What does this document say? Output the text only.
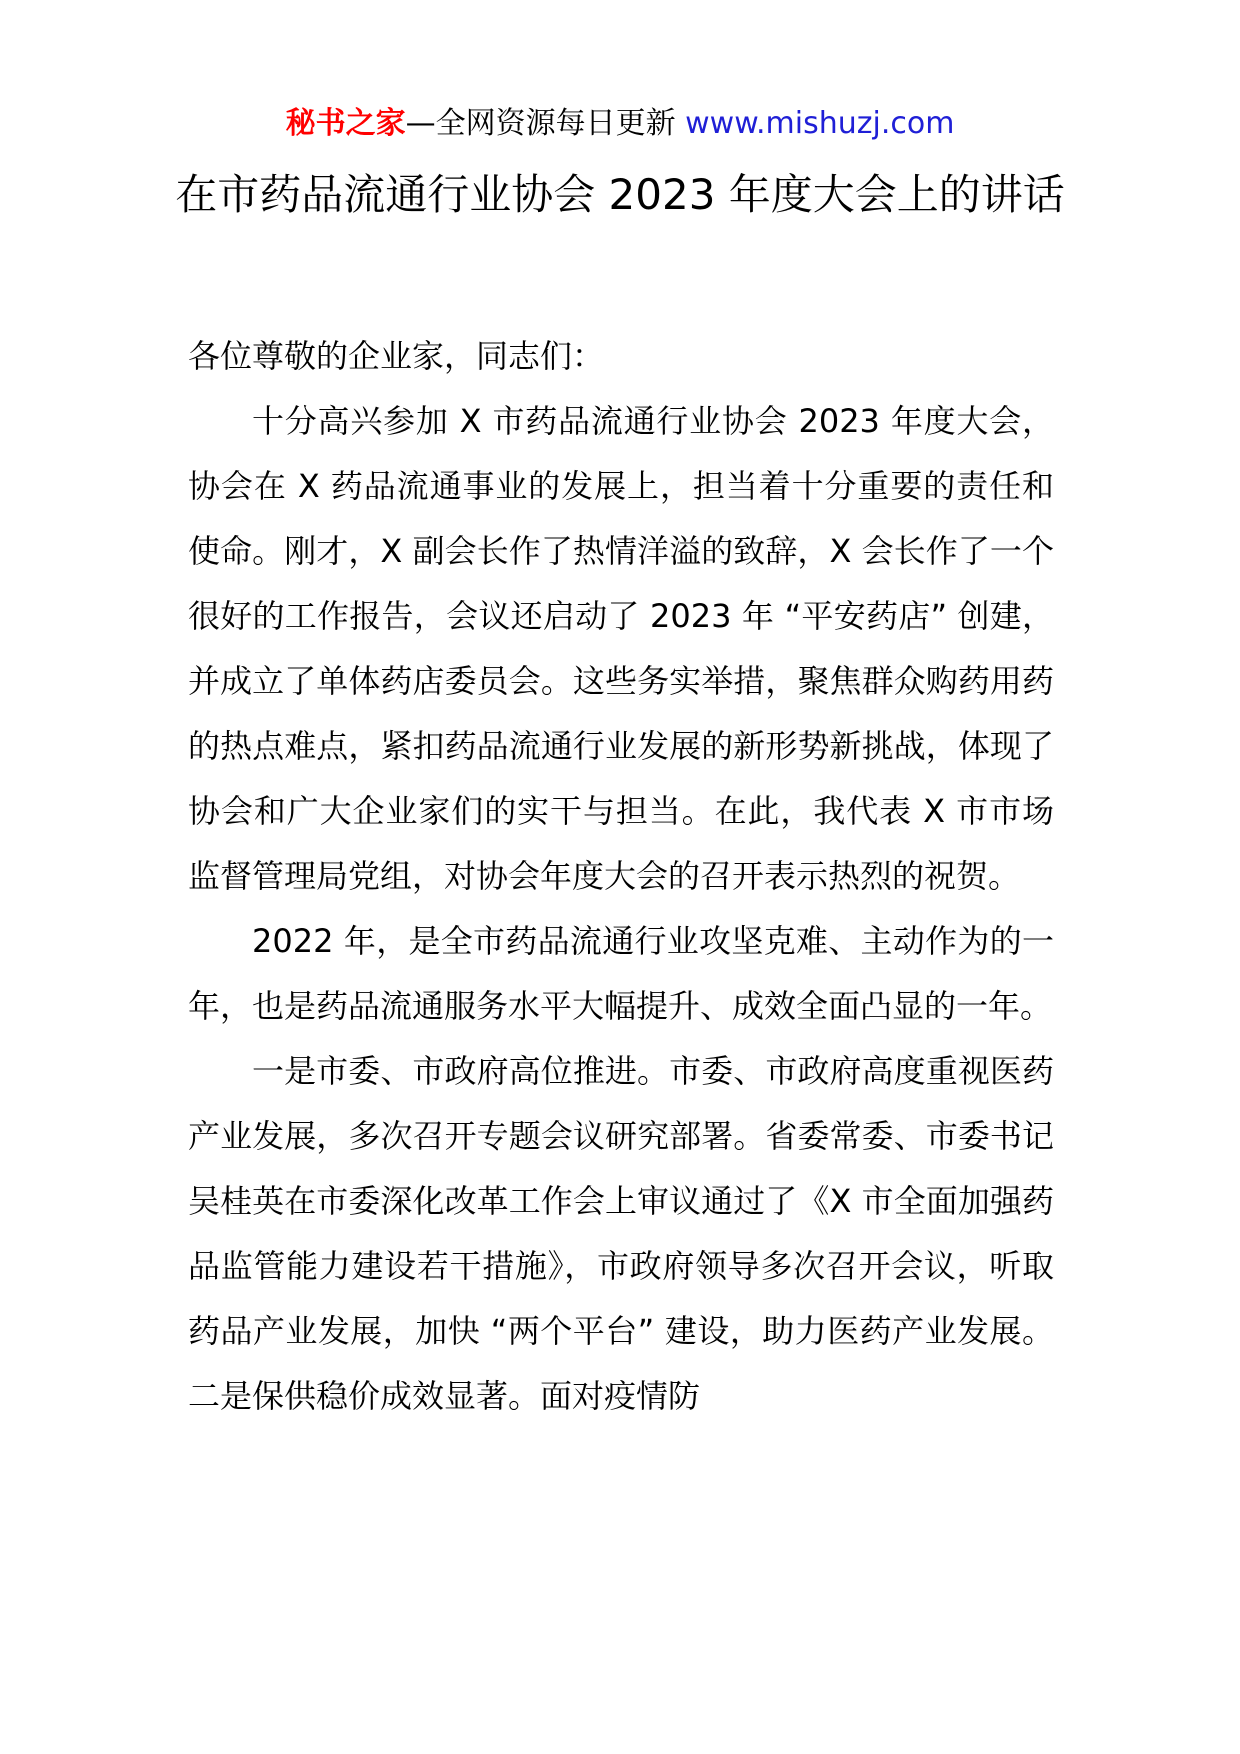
秘书之家—全网资源每日更新 www.mishuzj.com
在市药品流通行业协会 2023 年度大会上的讲话

各位尊敬的企业家，同志们：

十分高兴参加 X 市药品流通行业协会 2023 年度大会，协会在 X 药品流通事业的发展上，担当着十分重要的责任和使命。刚才，X 副会长作了热情洋溢的致辞，X 会长作了一个很好的工作报告，会议还启动了 2023 年 “平安药店” 创建，并成立了单体药店委员会。这些务实举措，聚焦群众购药用药的热点难点，紧扣药品流通行业发展的新形势新挑战，体现了协会和广大企业家们的实干与担当。在此，我代表 X 市市场监督管理局党组，对协会年度大会的召开表示热烈的祝贺。

2022 年，是全市药品流通行业攻坚克难、主动作为的一年，也是药品流通服务水平大幅提升、成效全面凸显的一年。

一是市委、市政府高位推进。市委、市政府高度重视医药产业发展，多次召开专题会议研究部署。省委常委、市委书记吴桂英在市委深化改革工作会上审议通过了《X 市全面加强药品监管能力建设若干措施》，市政府领导多次召开会议，听取药品产业发展，加快 “两个平台” 建设，助力医药产业发展。二是保供稳价成效显著。面对疫情防
